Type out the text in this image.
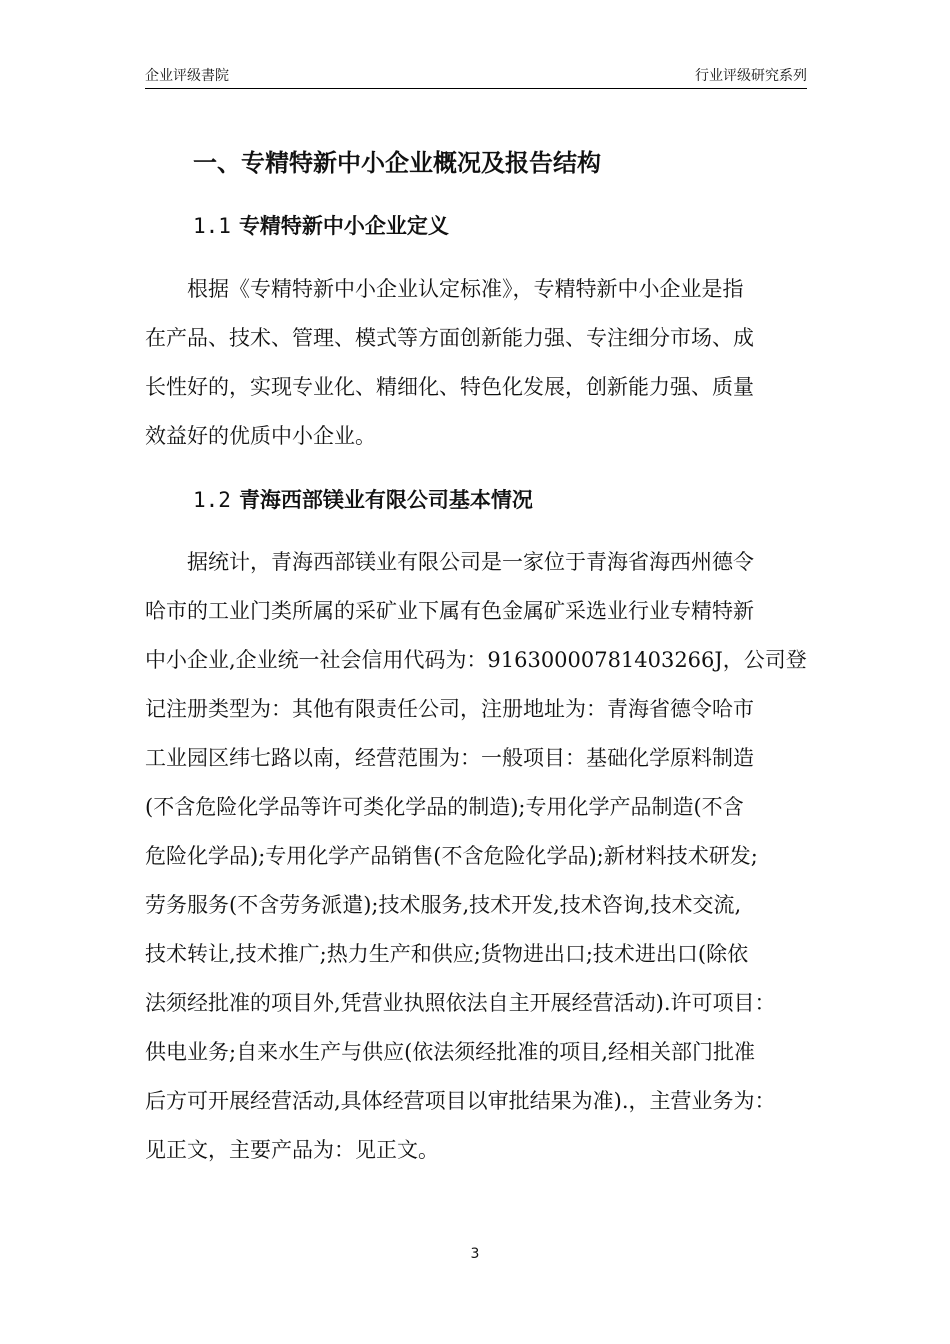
企业评级書院	行业评级研究系列
一、专精特新中小企业概况及报告结构
1.1 专精特新中小企业定义
根据《专精特新中小企业认定标准》，专精特新中小企业是指
在产品、技术、管理、模式等方面创新能力强、专注细分市场、成
长性好的，实现专业化、精细化、特色化发展，创新能力强、质量
效益好的优质中小企业。
1.2 青海西部镁业有限公司基本情况
据统计，青海西部镁业有限公司是一家位于青海省海西州德令
哈市的工业门类所属的采矿业下属有色金属矿采选业行业专精特新
中小企业,企业统一社会信用代码为：91630000781403266J，公司登
记注册类型为：其他有限责任公司，注册地址为：青海省德令哈市
工业园区纬七路以南，经营范围为：一般项目：基础化学原料制造
(不含危险化学品等许可类化学品的制造);专用化学产品制造(不含
危险化学品);专用化学产品销售(不含危险化学品);新材料技术研发;
劳务服务(不含劳务派遣);技术服务,技术开发,技术咨询,技术交流,
技术转让,技术推广;热力生产和供应;货物进出口;技术进出口(除依
法须经批准的项目外,凭营业执照依法自主开展经营活动).许可项目：
供电业务;自来水生产与供应(依法须经批准的项目,经相关部门批准
后方可开展经营活动,具体经营项目以审批结果为准).，主营业务为：
见正文，主要产品为：见正文。
3
